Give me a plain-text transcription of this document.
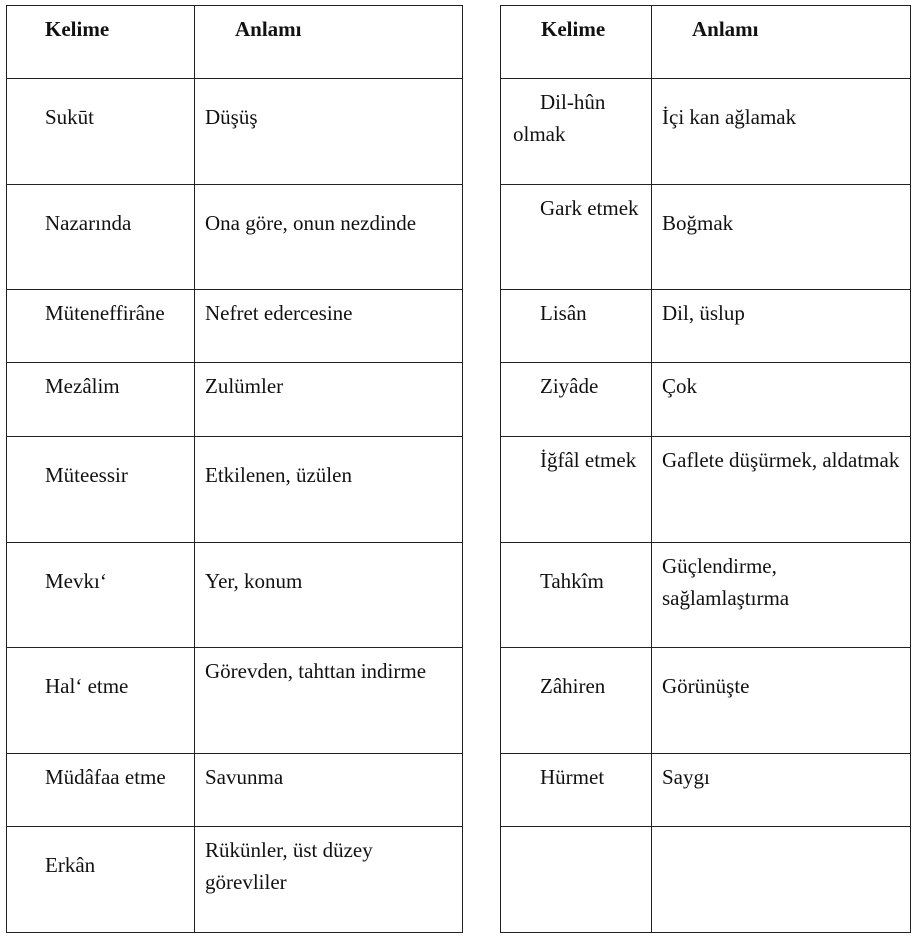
Kelime	Anlamı

Sukūt	Düşüş

Nazarında	Ona göre, onun nezdinde

Müteneffirâne	Nefret edercesine

Mezâlim	Zulümler

Müteessir	Etkilenen, üzülen

Mevkı‘	Yer, konum

Hal‘ etme	Görevden, tahttan indirme

Müdâfaa etme	Savunma

Erkân	Rükünler, üst düzey görevliler
Kelime	Anlamı

Dil-hûn olmak	İçi kan ağlamak

Gark etmek	Boğmak

Lisân	Dil, üslup

Ziyâde	Çok

İğfâl etmek	Gaflete düşürmek, aldatmak

Tahkîm	Güçlendirme, sağlamlaştırma

Zâhiren	Görünüşte

Hürmet	Saygı
